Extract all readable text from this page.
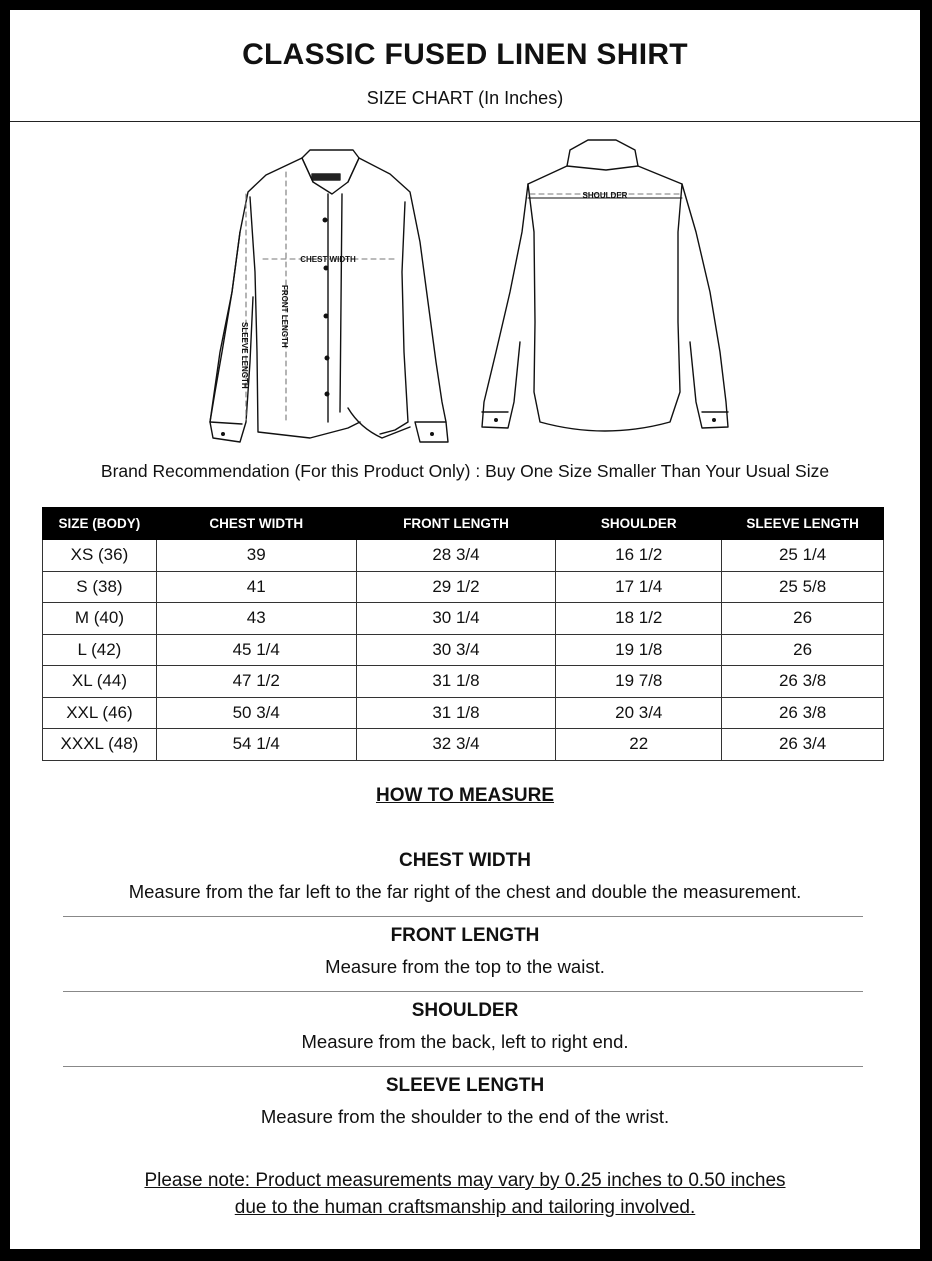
CLASSIC FUSED LINEN SHIRT
SIZE CHART (In Inches)
CHEST WIDTH
FRONT LENGTH
SLEEVE LENGTH
SHOULDER
Brand Recommendation (For this Product Only) : Buy One Size Smaller Than Your Usual Size
SIZE (BODY)	CHEST WIDTH	FRONT LENGTH	SHOULDER	SLEEVE LENGTH
XS (36)	39	28 3/4	16 1/2	25 1/4
S (38)	41	29 1/2	17 1/4	25 5/8
M (40)	43	30 1/4	18 1/2	26
L (42)	45 1/4	30 3/4	19 1/8	26
XL (44)	47 1/2	31 1/8	19 7/8	26 3/8
XXL (46)	50 3/4	31 1/8	20 3/4	26 3/8
XXXL (48)	54 1/4	32 3/4	22	26 3/4
HOW TO MEASURE
CHEST WIDTH
Measure from the far left to the far right of the chest and double the measurement.
FRONT LENGTH
Measure from the top to the waist.
SHOULDER
Measure from the back, left to right end.
SLEEVE LENGTH
Measure from the shoulder to the end of the wrist.
Please note: Product measurements may vary by 0.25 inches to 0.50 inches
due to the human craftsmanship and tailoring involved.
